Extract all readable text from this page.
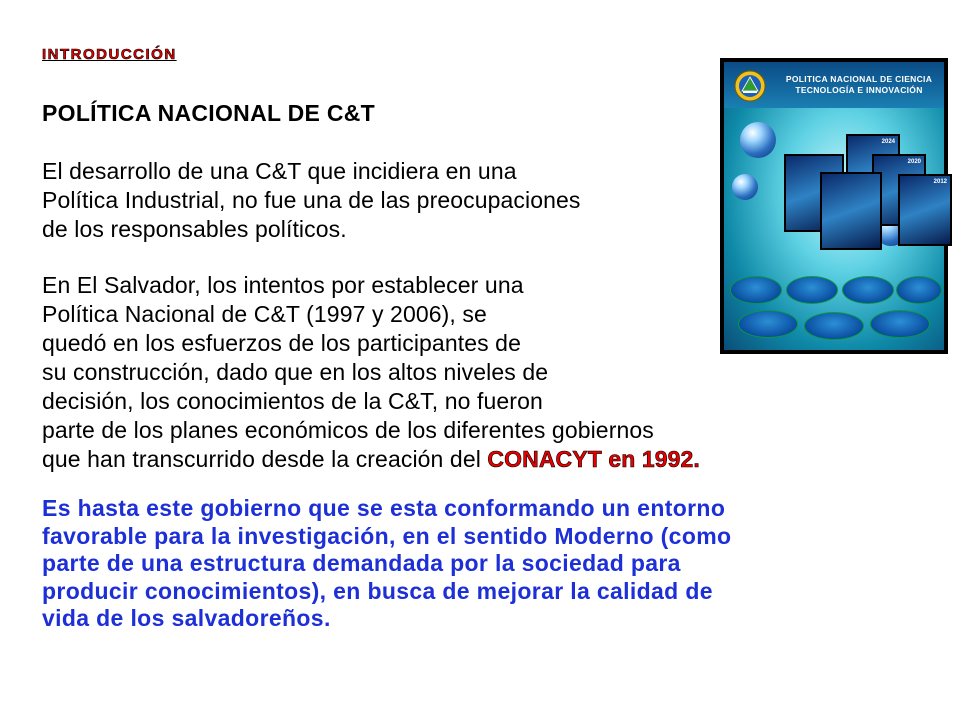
INTRODUCCIÓN
POLÍTICA NACIONAL DE C&T
El desarrollo de una C&T que incidiera en una
Política Industrial, no fue una de las preocupaciones
de los responsables políticos.
En El Salvador, los intentos por establecer una
Política Nacional de C&T (1997 y 2006), se
quedó en los esfuerzos de los participantes de
su construcción, dado que en los altos niveles de
decisión, los conocimientos de la C&T, no fueron
parte de los planes económicos de los diferentes gobiernos
que han transcurrido desde la creación del CONACYT en 1992.
Es hasta este gobierno que se esta conformando un entorno
favorable para la investigación, en el sentido Moderno (como
parte de una estructura demandada por la sociedad para
producir conocimientos), en busca de mejorar la calidad de
vida de los salvadoreños.
POLITICA NACIONAL DE CIENCIA
TECNOLOGÍA E INNOVACIÓN
2024
2020
2012
